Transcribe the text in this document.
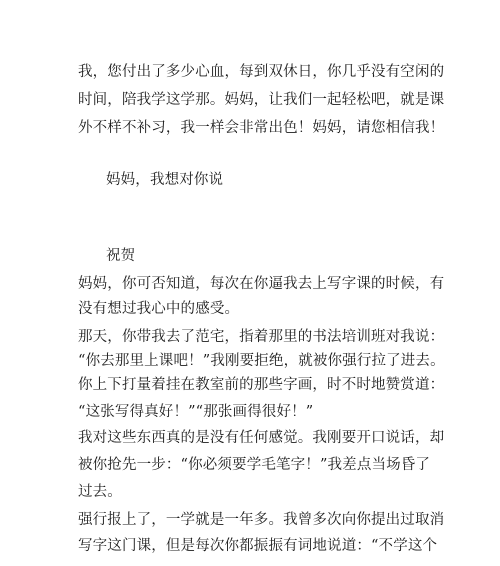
我，您付出了多少心血，每到双休日，你几乎没有空闲的
时间，陪我学这学那。妈妈，让我们一起轻松吧，就是课
外不样不补习，我一样会非常出色！妈妈，请您相信我！
妈妈，我想对你说
祝贺
妈妈，你可否知道，每次在你逼我去上写字课的时候，有
没有想过我心中的感受。
那天，你带我去了范宅，指着那里的书法培训班对我说：
“你去那里上课吧！”我刚要拒绝，就被你强行拉了进去。
你上下打量着挂在教室前的那些字画，时不时地赞赏道：
“这张写得真好！”“那张画得很好！”
我对这些东西真的是没有任何感觉。我刚要开口说话，却
被你抢先一步：“你必须要学毛笔字！”我差点当场昏了
过去。
强行报上了，一学就是一年多。我曾多次向你提出过取消
写字这门课，但是每次你都振振有词地说道：“不学这个
